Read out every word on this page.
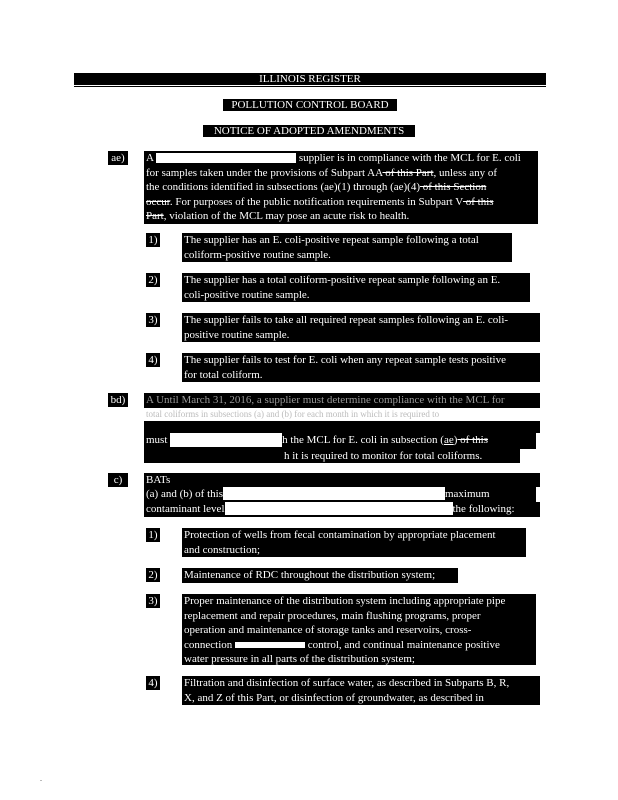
ILLINOIS REGISTER
POLLUTION CONTROL BOARD
NOTICE OF ADOPTED AMENDMENTS
ae) A	supplier is in compliance with the MCL for E. coli
for samples taken under the provisions of Subpart AA of this Part, unless any of
the conditions identified in subsections (ae)(1) through (ae)(4) of this Section
occur. For purposes of the public notification requirements in Subpart V of this
Part, violation of the MCL may pose an acute risk to health.
1) The supplier has an E. coli-positive repeat sample following a total
coliform-positive routine sample.
2) The supplier has a total coliform-positive repeat sample following an E.
coli-positive routine sample.
3) The supplier fails to take all required repeat samples following an E. coli-
positive routine sample.
4) The supplier fails to test for E. coli when any repeat sample tests positive
for total coliform.
bd) A Until March 31, 2016, a supplier must determine compliance with the MCL for
total coliforms in subsections (a) and (b) for each month in which it is required to
must	h the MCL for E. coli in subsection (ae) of this
h it is required to monitor for total coliforms.
c)	BATs
(a) and (b) of this	maximum
contaminant level	the following:
1) Protection of wells from fecal contamination by appropriate placement
and construction;
2) Maintenance of RDC throughout the distribution system;
3) Proper maintenance of the distribution system including appropriate pipe
replacement and repair procedures, main flushing programs, proper
operation and maintenance of storage tanks and reservoirs, cross-
connection	control, and continual maintenance positive
water pressure in all parts of the distribution system;
4) Filtration and disinfection of surface water, as described in Subparts B, R,
X, and Z of this Part, or disinfection of groundwater, as described in
